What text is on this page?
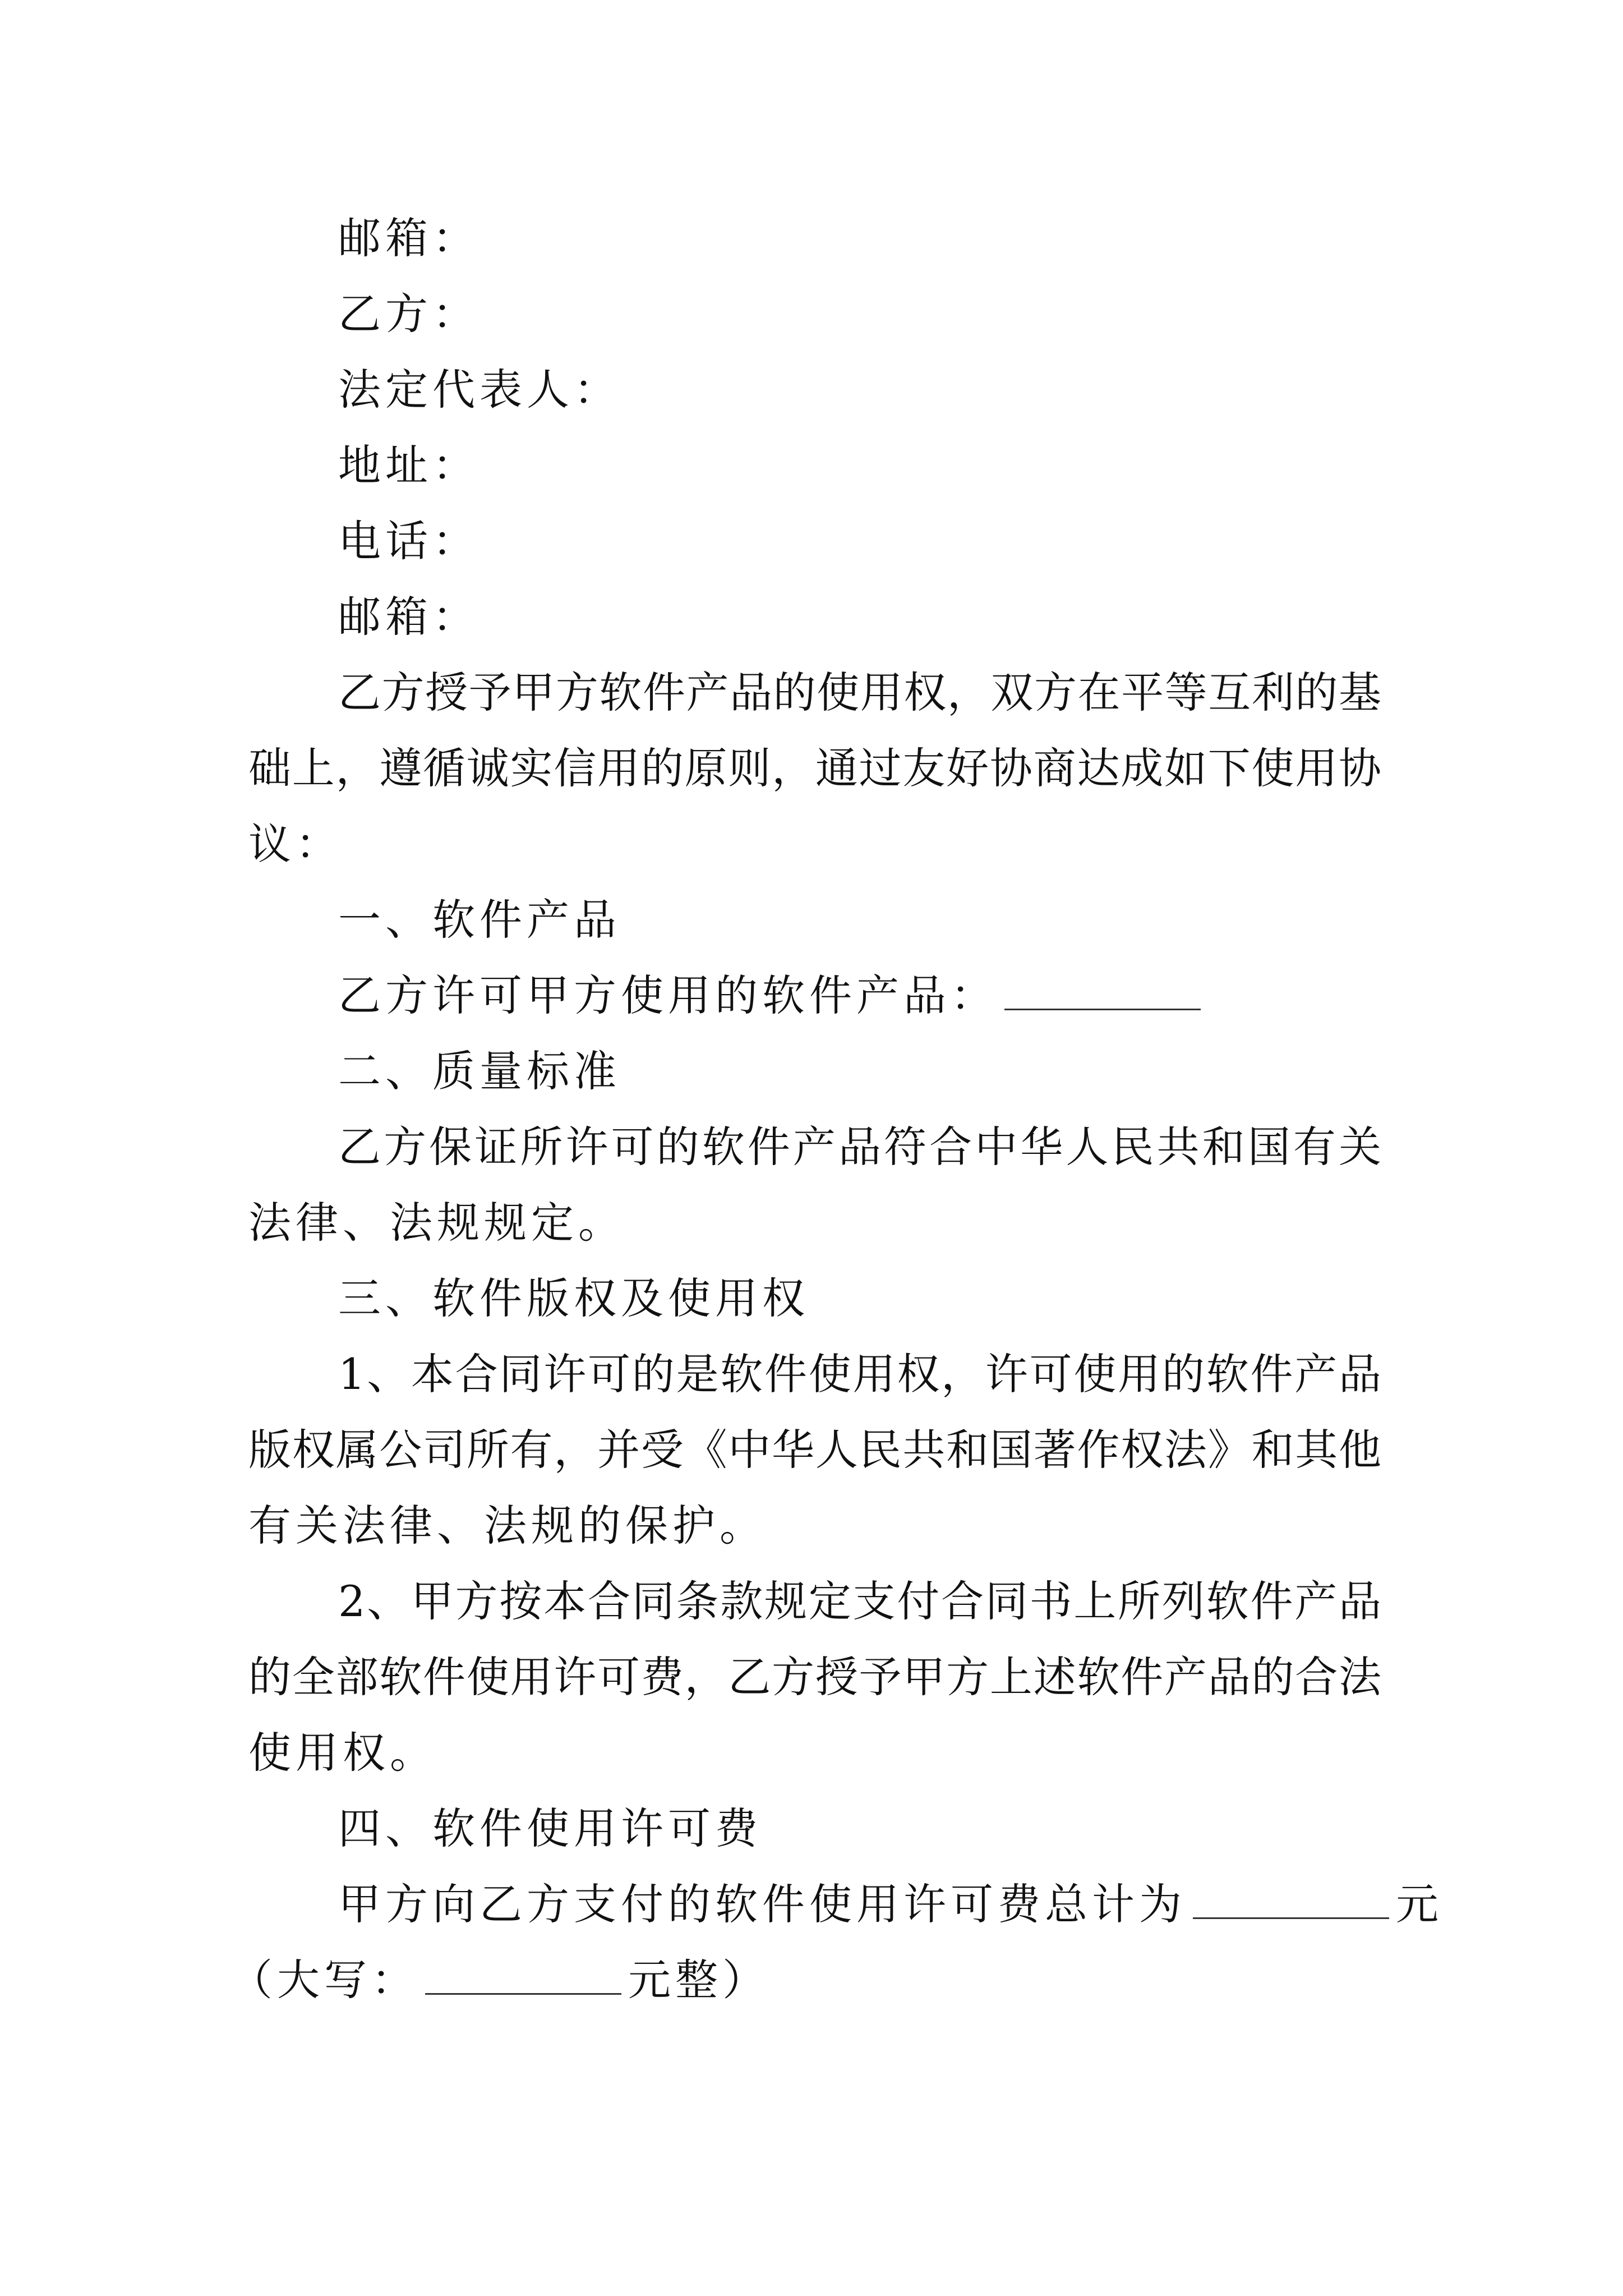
邮箱：
乙方：
法定代表人：
地址：
电话：
邮箱：
乙方授予甲方软件产品的使用权，双方在平等互利的基
础上，遵循诚实信用的原则，通过友好协商达成如下使用协
议：
一、软件产品
乙方许可甲方使用的软件产品：
二、质量标准
乙方保证所许可的软件产品符合中华人民共和国有关
法律、法规规定。
三、软件版权及使用权
1、本合同许可的是软件使用权，许可使用的软件产品
版权属公司所有，并受《中华人民共和国著作权法》和其他
有关法律、法规的保护。
2、甲方按本合同条款规定支付合同书上所列软件产品
的全部软件使用许可费，乙方授予甲方上述软件产品的合法
使用权。
四、软件使用许可费
甲方向乙方支付的软件使用许可费总计为	元
（大写：	元整）
